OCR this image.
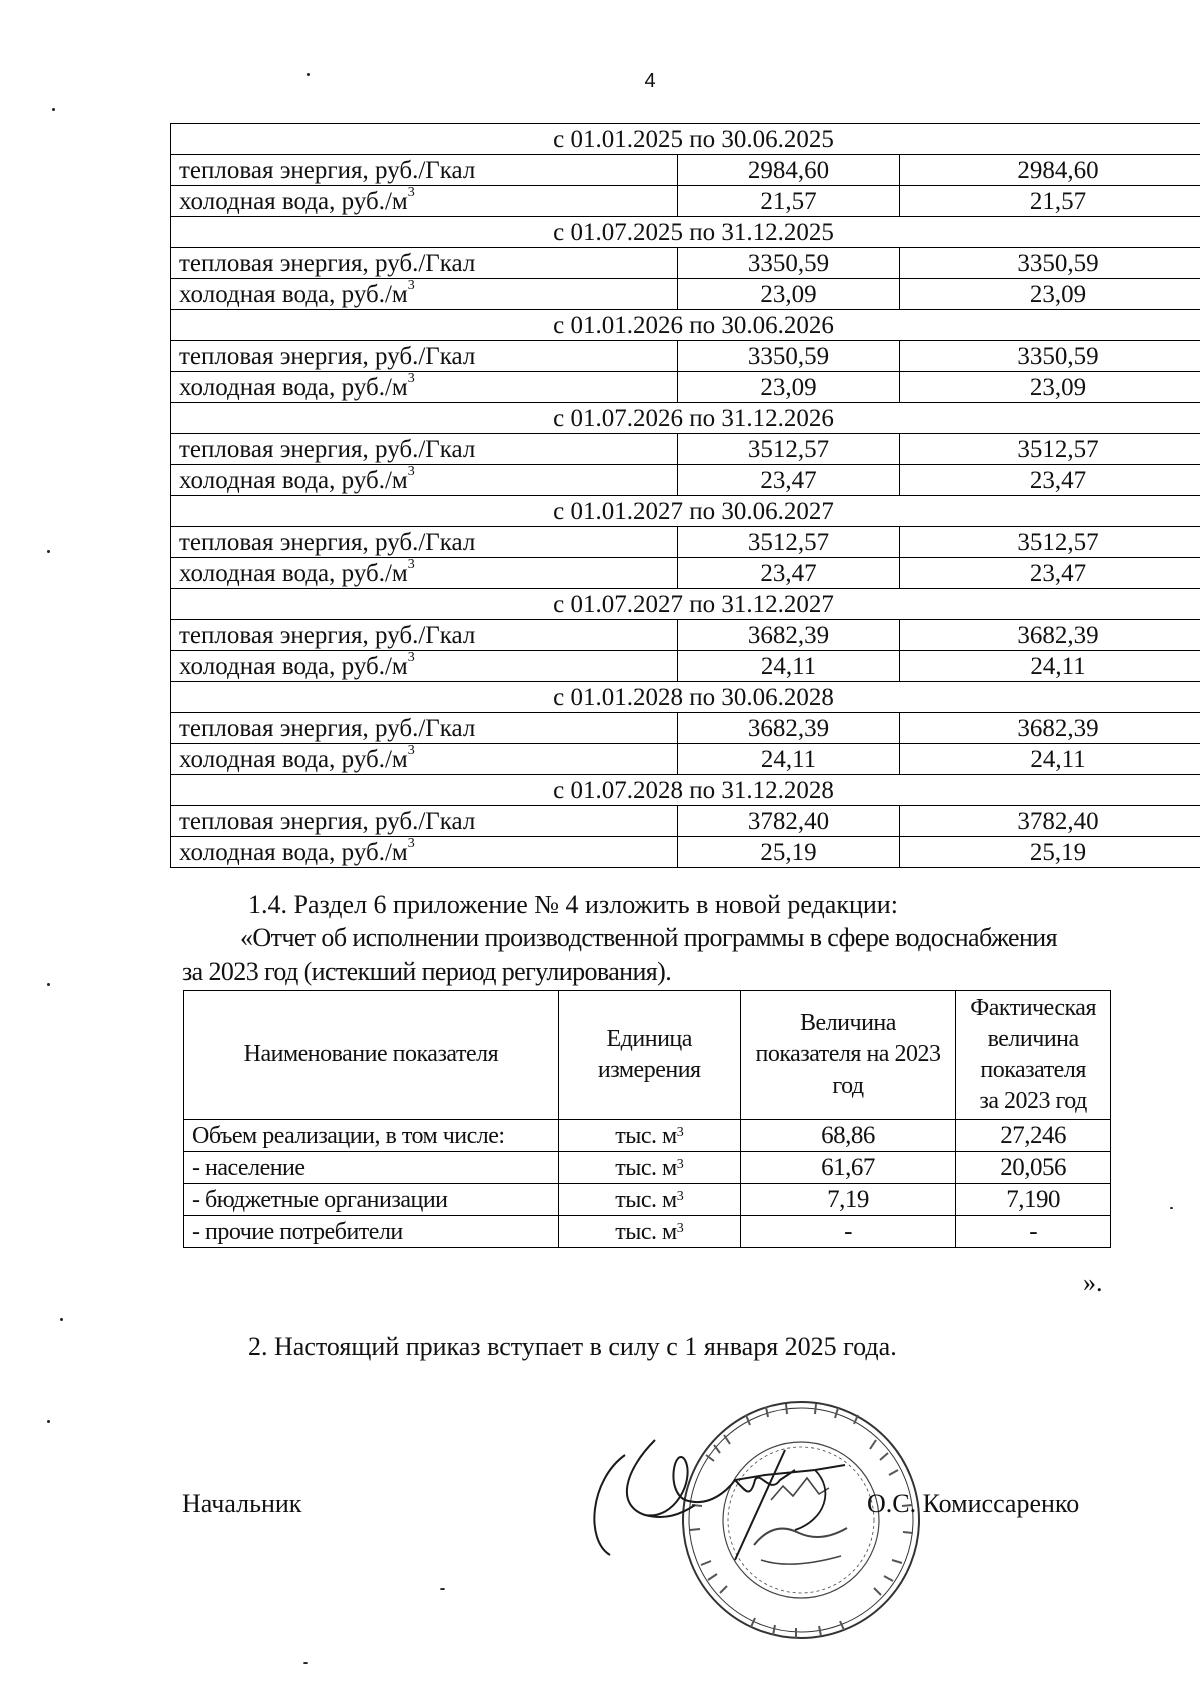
4
с 01.01.2025 по 30.06.2025		
тепловая энергия, руб./Гкал	2984,60	2984,60
холодная вода, $руб./м^3$	21,57	21,57
с 01.07.2025 по 31.12.2025		
тепловая энергия, руб./Гкал	3350,59	3350,59
холодная вода, $руб./м^3$	23,09	23,09
с 01.01.2026 по 30.06.2026		
тепловая энергия, руб./Гкал	3350,59	3350,59
холодная вода, $руб./м^3$	23,09	23,09
с 01.07.2026 по 31.12.2026		
тепловая энергия, руб./Гкал	3512,57	3512,57
холодная вода, $руб./м^3$	23,47	23,47
с 01.01.2027 по 30.06.2027		
тепловая энергия, руб./Гкал	3512,57	3512,57
холодная вода, $руб./м^3$	23,47	23,47
с 01.07.2027 по 31.12.2027		
тепловая энергия, руб./Гкал	3682,39	3682,39
холодная вода, $руб./м^3$	24,11	24,11
с 01.01.2028 по 30.06.2028		
тепловая энергия, руб./Гкал	3682,39	3682,39
холодная вода, $руб./м^3$	24,11	24,11
с 01.07.2028 по 31.12.2028		
тепловая энергия, руб./Гкал	3782,40	3782,40
холодная вода, $руб./м^3$	25,19	25,19
1.4. Раздел 6 приложение № 4 изложить в новой редакции:
«Отчет об исполнении производственной программы в сфере водоснабжения
за 2023 год (истекший период регулирования).
Наименование показателя	Единица измерения	Величина показателя на 2023 год	Фактическая величина показателя за 2023 год
Объем реализации, в том числе:	тыс. $м^3$	68,86	27,246
- население	тыс. $м^3$	61,67	20,056
- бюджетные организации	тыс. $м^3$	7,19	7,190
- прочие потребители	тыс. $м^3$	-	-
».
2. Настоящий приказ вступает в силу с 1 января 2025 года.
Начальник	О.С. Комиссаренко
